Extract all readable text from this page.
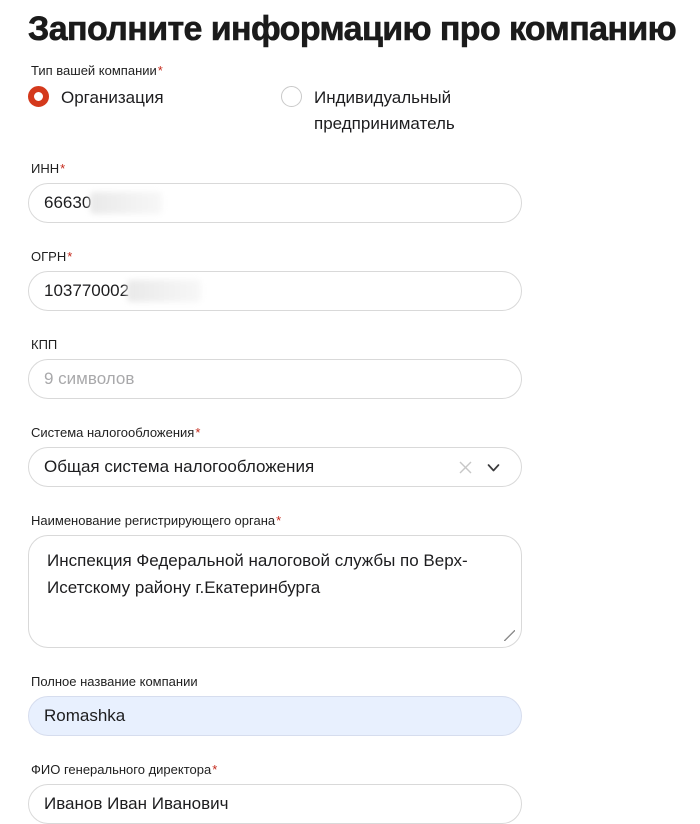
Заполните информацию про компанию
Тип вашей компании*
Организация	Индивидуальный предприниматель
ИНН*
66630
ОГРН*
103770002
КПП
9 символов
Система налогообложения*
Общая система налогообложения
Наименование регистрирующего органа*
Инспекция Федеральной налоговой службы по Верх-Исетскому району г.Екатеринбурга
Полное название компании
Romashka
ФИО генерального директора*
Иванов Иван Иванович
